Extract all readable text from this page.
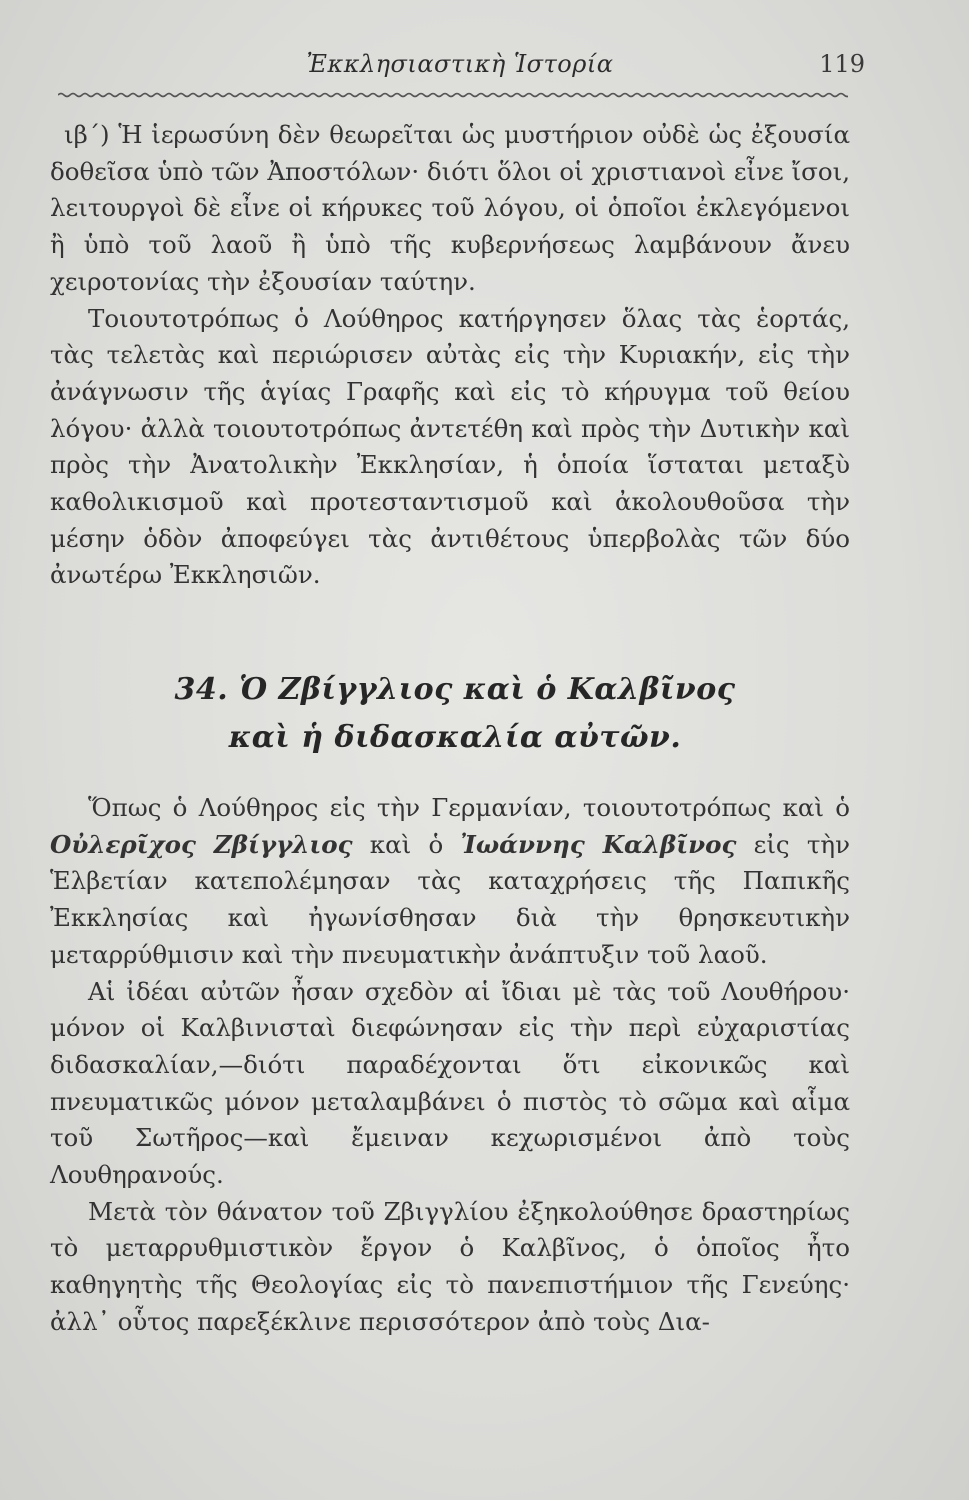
Ἐκκλησιαστικὴ Ἱστορία	119

ιβ΄) Ἡ ἱερωσύνη δὲν θεωρεῖται ὡς μυστήριον οὐδὲ ὡς ἐξουσία δοθεῖσα ὑπὸ τῶν Ἀποστόλων· διότι ὅλοι οἱ χριστιανοὶ εἶνε ἴσοι, λειτουργοὶ δὲ εἶνε οἱ κήρυκες τοῦ λόγου, οἱ ὁποῖοι ἐκλεγόμενοι ἢ ὑπὸ τοῦ λαοῦ ἢ ὑπὸ τῆς κυβερνήσεως λαμβάνουν ἄνευ χειροτονίας τὴν ἐξουσίαν ταύτην.

Τοιουτοτρόπως ὁ Λούθηρος κατήργησεν ὅλας τὰς ἑορτάς, τὰς τελετὰς καὶ περιώρισεν αὐτὰς εἰς τὴν Κυριακήν, εἰς τὴν ἀνάγνωσιν τῆς ἁγίας Γραφῆς καὶ εἰς τὸ κήρυγμα τοῦ θείου λόγου· ἀλλὰ τοιουτοτρόπως ἀντετέθη καὶ πρὸς τὴν Δυτικὴν καὶ πρὸς τὴν Ἀνατολικὴν Ἐκκλησίαν, ἡ ὁποία ἵσταται μεταξὺ καθολικισμοῦ καὶ προτεσταντισμοῦ καὶ ἀκολουθοῦσα τὴν μέσην ὁδὸν ἀποφεύγει τὰς ἀντιθέτους ὑπερβολὰς τῶν δύο ἀνωτέρω Ἐκκλησιῶν.

34. Ὁ Ζβίγγλιος καὶ ὁ Καλβῖνος
καὶ ἡ διδασκαλία αὐτῶν.

Ὅπως ὁ Λούθηρος εἰς τὴν Γερμανίαν, τοιουτοτρόπως καὶ ὁ Οὐλερῖχος Ζβίγγλιος καὶ ὁ Ἰωάννης Καλβῖνος εἰς τὴν Ἑλβετίαν κατεπολέμησαν τὰς καταχρήσεις τῆς Παπικῆς Ἐκκλησίας καὶ ἠγωνίσθησαν διὰ τὴν θρησκευτικὴν μεταρρύθμισιν καὶ τὴν πνευματικὴν ἀνάπτυξιν τοῦ λαοῦ.

Αἱ ἰδέαι αὐτῶν ἦσαν σχεδὸν αἱ ἴδιαι μὲ τὰς τοῦ Λουθήρου· μόνον οἱ Καλβινισταὶ διεφώνησαν εἰς τὴν περὶ εὐχαριστίας διδασκαλίαν,—διότι παραδέχονται ὅτι εἰκονικῶς καὶ πνευματικῶς μόνον μεταλαμβάνει ὁ πιστὸς τὸ σῶμα καὶ αἷμα τοῦ Σωτῆρος—καὶ ἔμειναν κεχωρισμένοι ἀπὸ τοὺς Λουθηρανούς.

Μετὰ τὸν θάνατον τοῦ Ζβιγγλίου ἐξηκολούθησε δραστηρίως τὸ μεταρρυθμιστικὸν ἔργον ὁ Καλβῖνος, ὁ ὁποῖος ἦτο καθηγητὴς τῆς Θεολογίας εἰς τὸ πανεπιστήμιον τῆς Γενεύης· ἀλλ᾽ οὗτος παρεξέκλινε περισσότερον ἀπὸ τοὺς Δια-
